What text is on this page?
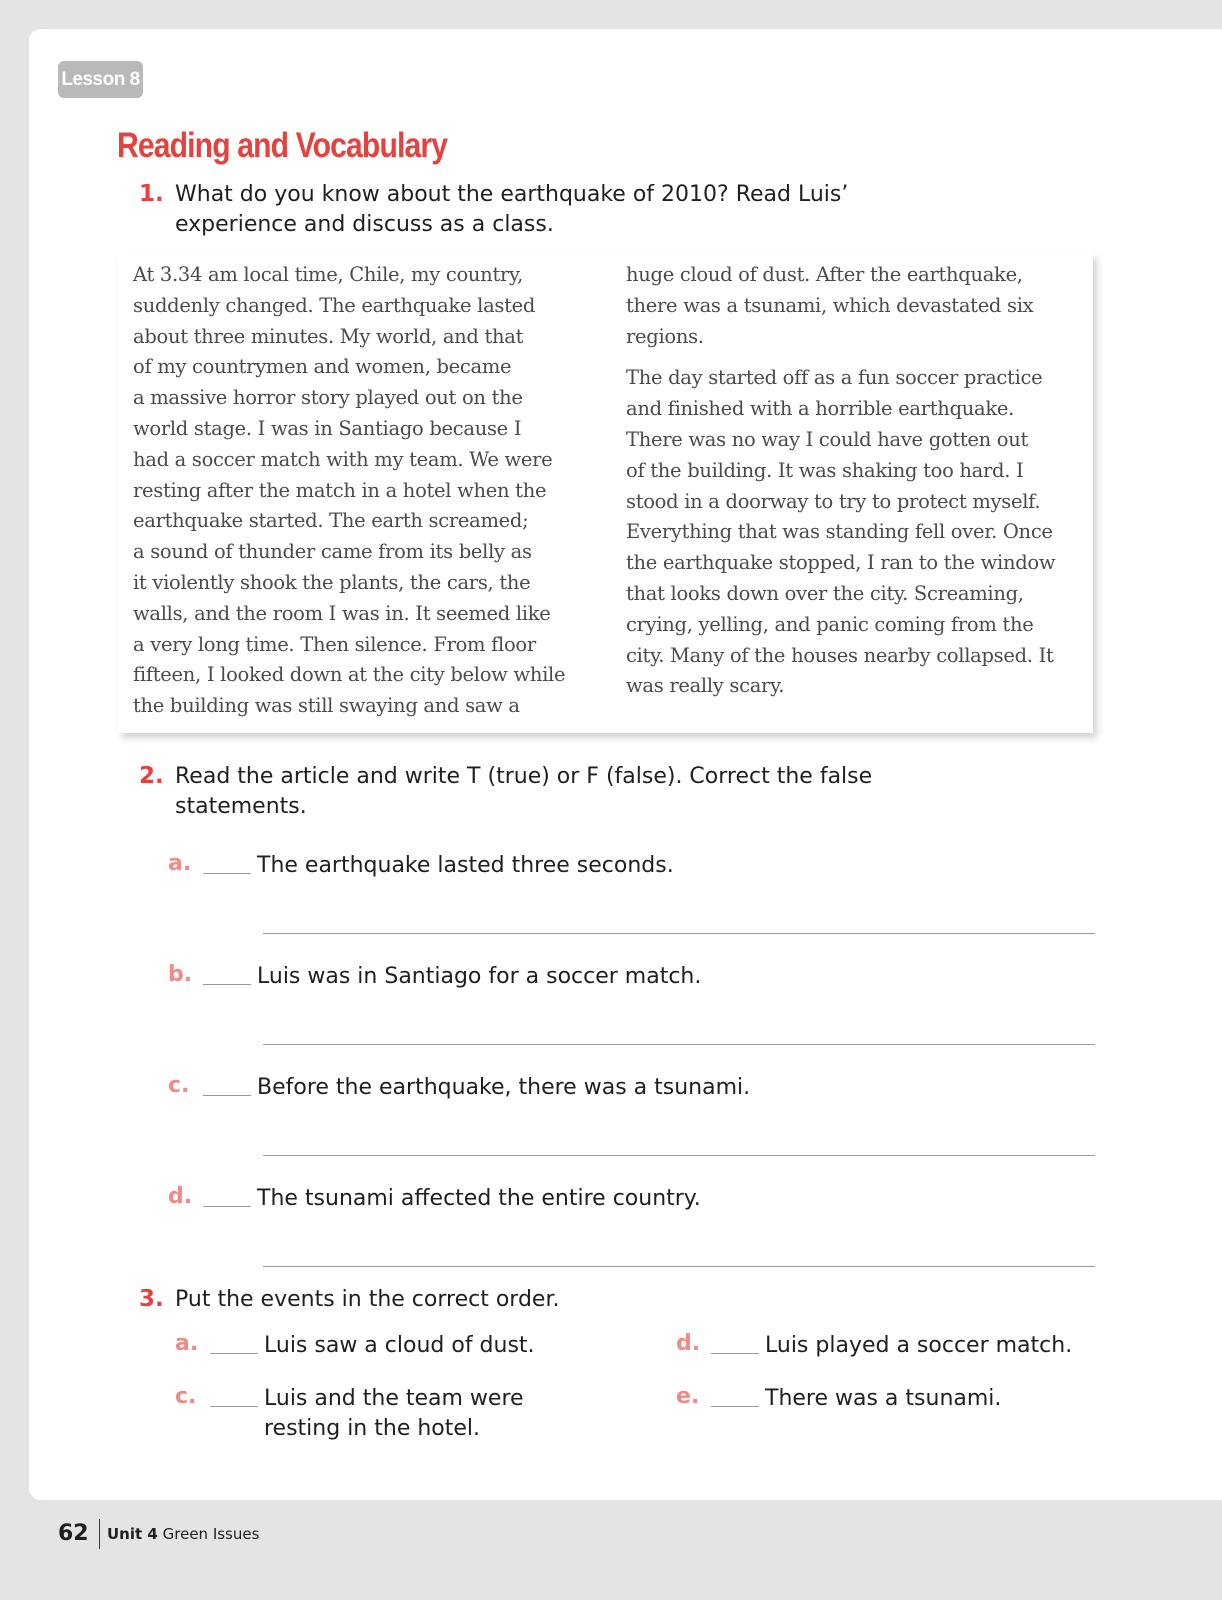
Lesson 8
Reading and Vocabulary
1. What do you know about the earthquake of 2010? Read Luis’
experience and discuss as a class.

At 3.34 am local time, Chile, my country,

suddenly changed. The earthquake lasted

about three minutes. My world, and that

of my countrymen and women, became

a massive horror story played out on the

world stage. I was in Santiago because I

had a soccer match with my team. We were

resting after the match in a hotel when the

earthquake started. The earth screamed;

a sound of thunder came from its belly as

it violently shook the plants, the cars, the

walls, and the room I was in. It seemed like

a very long time. Then silence. From floor

fifteen, I looked down at the city below while

the building was still swaying and saw a

huge cloud of dust. After the earthquake,

there was a tsunami, which devastated six

regions.

The day started off as a fun soccer practice

and finished with a horrible earthquake.

There was no way I could have gotten out

of the building. It was shaking too hard. I

stood in a doorway to try to protect myself.

Everything that was standing fell over. Once

the earthquake stopped, I ran to the window

that looks down over the city. Screaming,

crying, yelling, and panic coming from the

city. Many of the houses nearby collapsed. It

was really scary.

2. Read the article and write T (true) or F (false). Correct the false
statements.
a.	The earthquake lasted three seconds.
b.	Luis was in Santiago for a soccer match.
c.	Before the earthquake, there was a tsunami.
d.	The tsunami affected the entire country.
3. Put the events in the correct order.
a.	Luis saw a cloud of dust.
c.	Luis and the team were
resting in the hotel.
d.	Luis played a soccer match.
e.	There was a tsunami.
62 Unit 4 Green Issues
